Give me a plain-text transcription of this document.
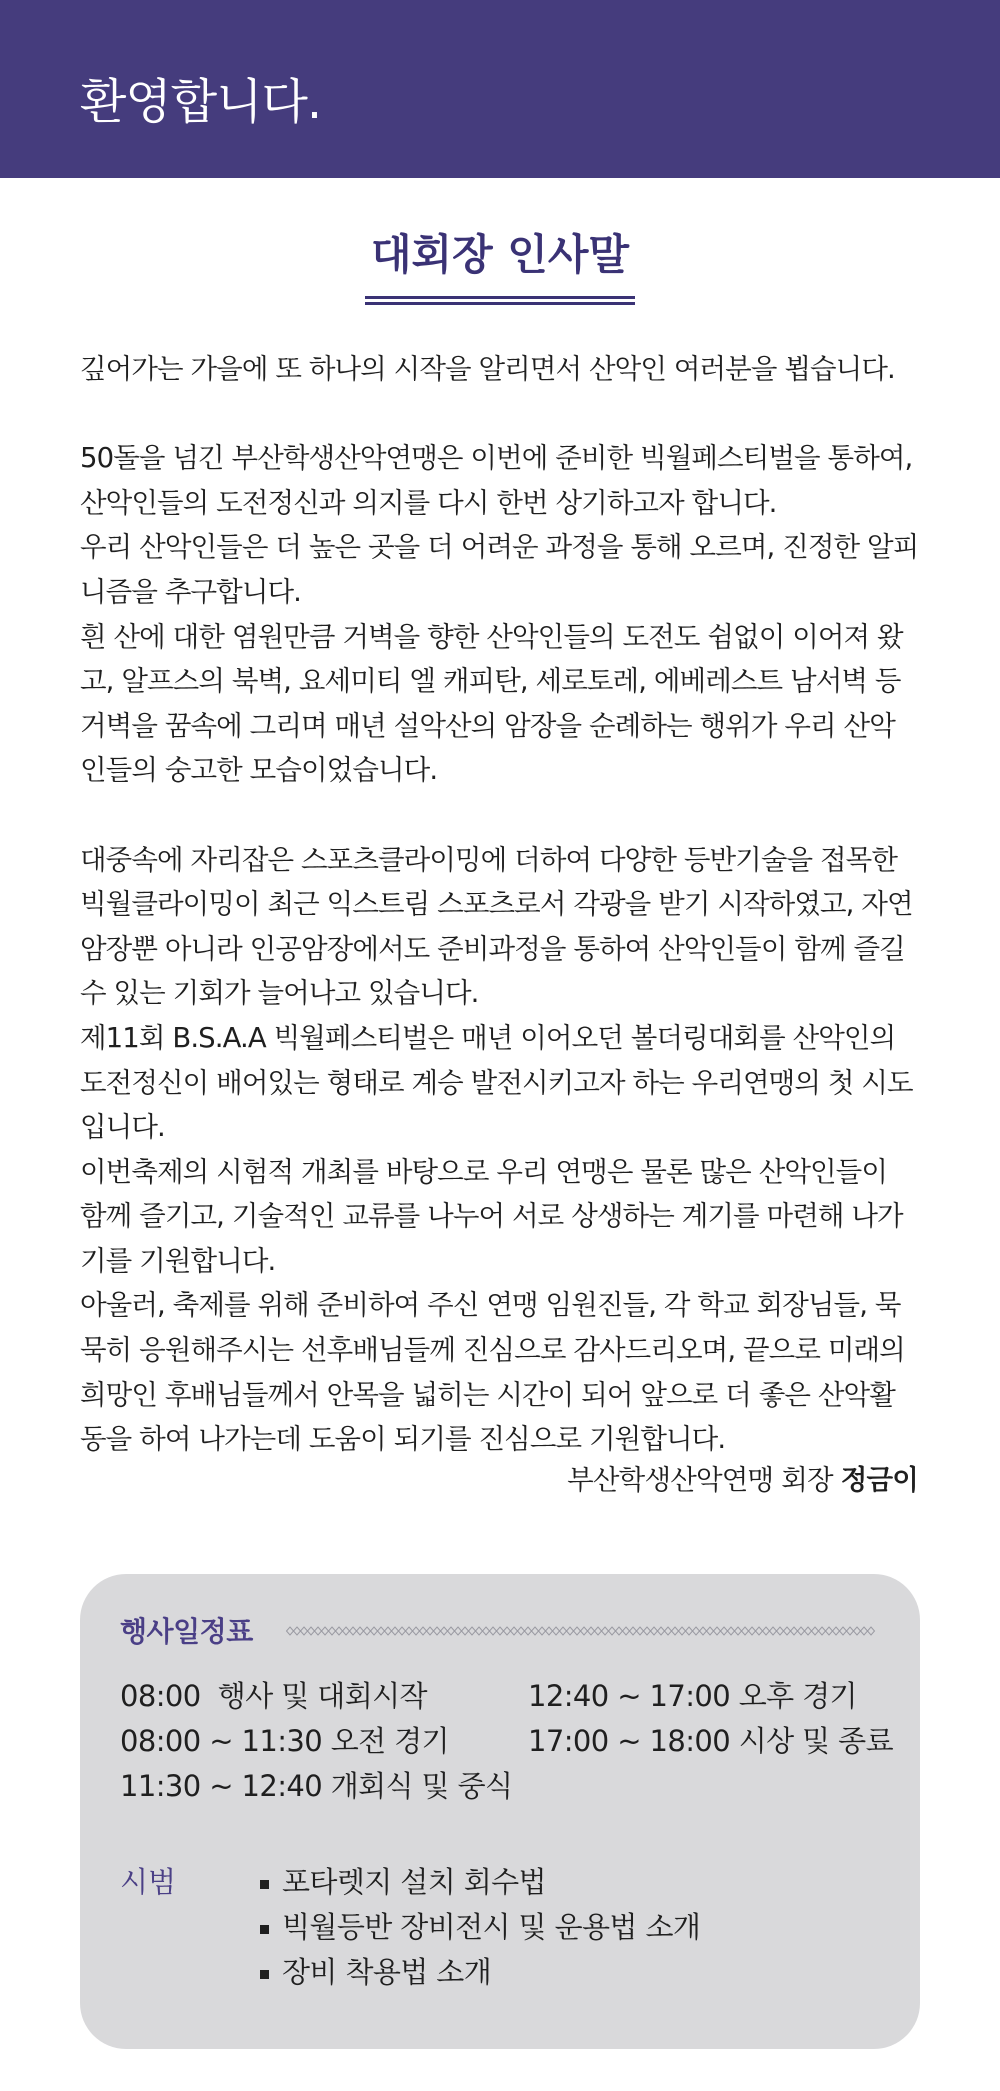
환영합니다.
대회장 인사말

깊어가는 가을에 또 하나의 시작을 알리면서 산악인 여러분을 뵙습니다.

50돌을 넘긴 부산학생산악연맹은 이번에 준비한 빅월페스티벌을 통하여, 산악인들의 도전정신과 의지를 다시 한번 상기하고자 합니다.

우리 산악인들은 더 높은 곳을 더 어려운 과정을 통해 오르며, 진정한 알피니즘을 추구합니다.

흰 산에 대한 염원만큼 거벽을 향한 산악인들의 도전도 쉼없이 이어져 왔고, 알프스의 북벽, 요세미티 엘 캐피탄, 세로토레, 에베레스트 남서벽 등 거벽을 꿈속에 그리며 매년 설악산의 암장을 순례하는 행위가 우리 산악인들의 숭고한 모습이었습니다.

대중속에 자리잡은 스포츠클라이밍에 더하여 다양한 등반기술을 접목한 빅월클라이밍이 최근 익스트림 스포츠로서 각광을 받기 시작하였고, 자연암장뿐 아니라 인공암장에서도 준비과정을 통하여 산악인들이 함께 즐길 수 있는 기회가 늘어나고 있습니다.

제11회 B.S.A.A 빅월페스티벌은 매년 이어오던 볼더링대회를 산악인의 도전정신이 배어있는 형태로 계승 발전시키고자 하는 우리연맹의 첫 시도입니다.

이번축제의 시험적 개최를 바탕으로 우리 연맹은 물론 많은 산악인들이 함께 즐기고, 기술적인 교류를 나누어 서로 상생하는 계기를 마련해 나가기를 기원합니다.

아울러, 축제를 위해 준비하여 주신 연맹 임원진들, 각 학교 회장님들, 묵묵히 응원해주시는 선후배님들께 진심으로 감사드리오며, 끝으로 미래의 희망인 후배님들께서 안목을 넓히는 시간이 되어 앞으로 더 좋은 산악활동을 하여 나가는데 도움이 되기를 진심으로 기원합니다.

부산학생산악연맹 회장 정금이
행사일정표
08:00  행사 및 대회시작
08:00 ~ 11:30 오전 경기
11:30 ~ 12:40 개회식 및 중식
12:40 ~ 17:00 오후 경기
17:00 ~ 18:00 시상 및 종료
시범	포타렛지 설치 회수법
빅월등반 장비전시 및 운용법 소개
장비 착용법 소개
